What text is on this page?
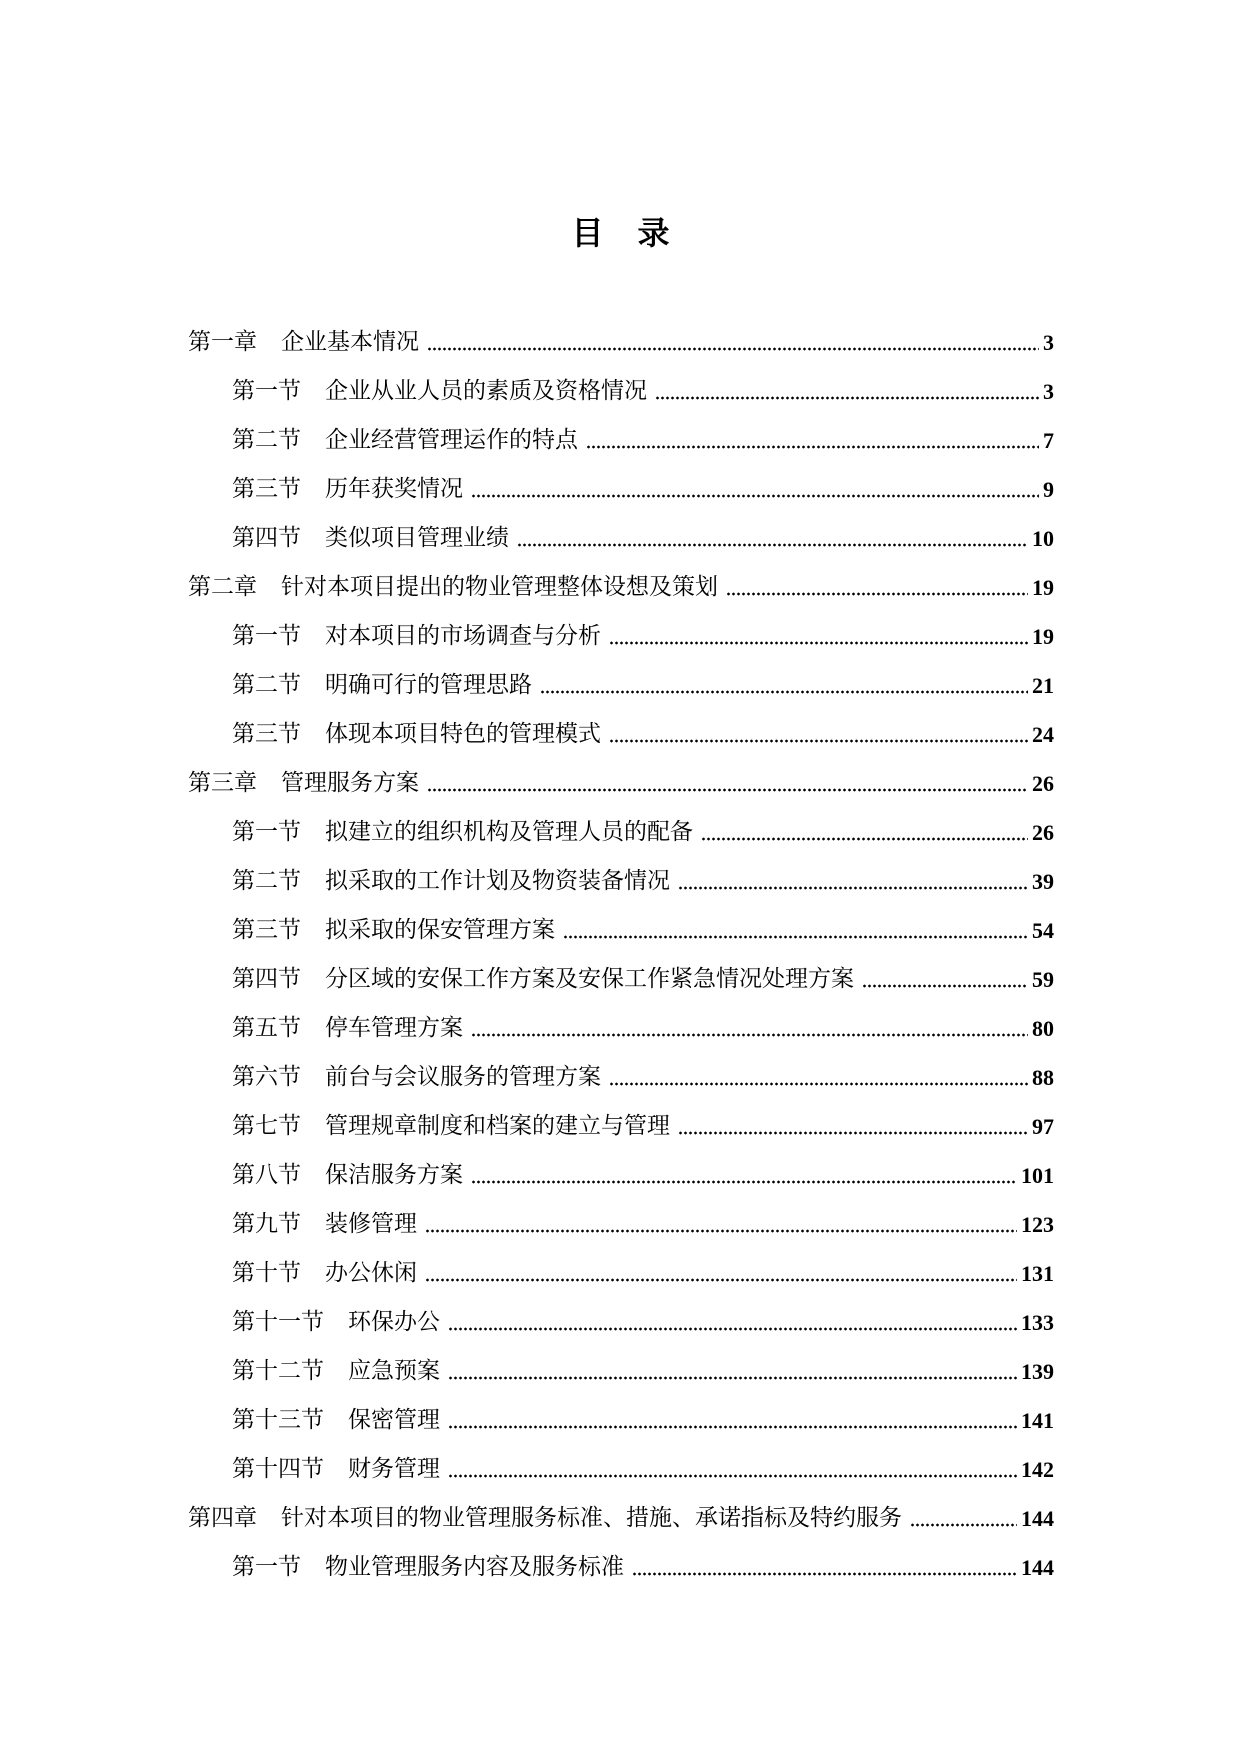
目 录
第一章 企业基本情况	3
第一节 企业从业人员的素质及资格情况	3
第二节 企业经营管理运作的特点	7
第三节 历年获奖情况	9
第四节 类似项目管理业绩	10
第二章 针对本项目提出的物业管理整体设想及策划	19
第一节 对本项目的市场调查与分析	19
第二节 明确可行的管理思路	21
第三节 体现本项目特色的管理模式	24
第三章 管理服务方案	26
第一节 拟建立的组织机构及管理人员的配备	26
第二节 拟采取的工作计划及物资装备情况	39
第三节 拟采取的保安管理方案	54
第四节 分区域的安保工作方案及安保工作紧急情况处理方案	59
第五节 停车管理方案	80
第六节 前台与会议服务的管理方案	88
第七节 管理规章制度和档案的建立与管理	97
第八节 保洁服务方案	101
第九节 装修管理	123
第十节 办公休闲	131
第十一节 环保办公	133
第十二节 应急预案	139
第十三节 保密管理	141
第十四节 财务管理	142
第四章 针对本项目的物业管理服务标准、措施、承诺指标及特约服务	144
第一节 物业管理服务内容及服务标准	144
